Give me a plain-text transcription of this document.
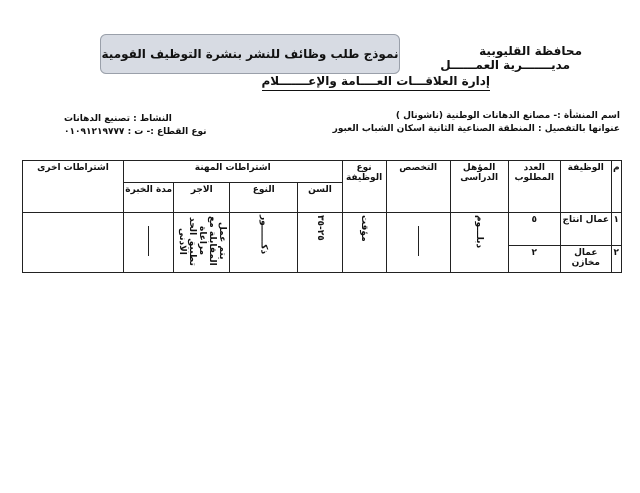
نموذج طلب وظائف للنشر بنشرة التوظيف القومية	محافظة القليوبية
مديـــــــرية العمــــــل
إدارة العلاقـــات العــــامة والإعـــــــلام
اسم المنشأة :- مصانع الدهانات الوطنية (ناشونال )
عنوانها بالتفصيل : المنطقة الصناعية الثانية اسكان الشباب العبور
النشاط : تصنيع الدهانات
نوع القطاع :- ت : ٠١٠٩١٢١٩٧٧٧
م	الوظيفة	العدد المطلوب	المؤهل الدراسى	التخصص	نوع الوظيفة	اشتراطات المهنة				اشتراطات اخرى
						السن	النوع	الاجر	مدة الخبرة	
١	عمال انتاج	٥	دبلـــوم		مؤقت	٢٥-٣٥	ذكــــــور	يتم عمل المقابلة مع مراعاة تطبيق الحد الادنى		
٢	عمال مخازن	٢								
